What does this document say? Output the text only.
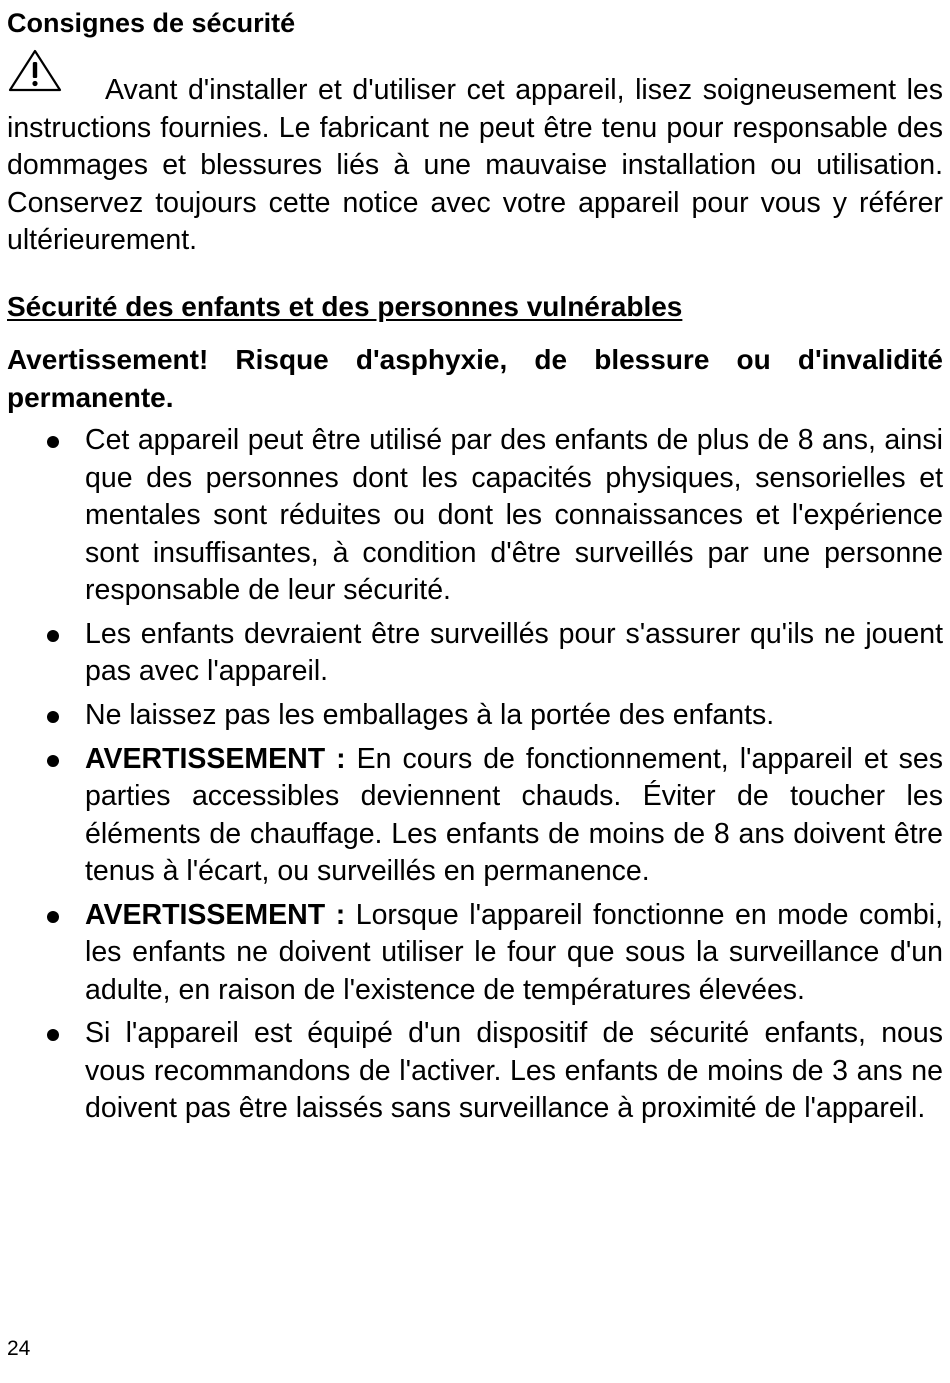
Consignes de sécurité

Avant d'installer et d'utiliser cet appareil, lisez soigneusement les instructions fournies. Le fabricant ne peut être tenu pour responsable des dommages et blessures liés à une mauvaise installation ou utilisation. Conservez toujours cette notice avec votre appareil pour vous y référer ultérieurement.

Sécurité des enfants et des personnes vulnérables

Avertissement! Risque d'asphyxie, de blessure ou d'invalidité permanente.

Cet appareil peut être utilisé par des enfants de plus de 8 ans, ainsi que des personnes dont les capacités physiques, sensorielles et mentales sont réduites ou dont les connaissances et l'expérience sont insuffisantes, à condition d'être surveillés par une personne responsable de leur sécurité.
Les enfants devraient être surveillés pour s'assurer qu'ils ne jouent pas avec l'appareil.
Ne laissez pas les emballages à la portée des enfants.
AVERTISSEMENT : En cours de fonctionnement, l'appareil et ses parties accessibles deviennent chauds. Éviter de toucher les éléments de chauffage. Les enfants de moins de 8 ans doivent être tenus à l'écart, ou surveillés en permanence.
AVERTISSEMENT : Lorsque l'appareil fonctionne en mode combi, les enfants ne doivent utiliser le four que sous la surveillance d'un adulte, en raison de l'existence de températures élevées.
Si l'appareil est équipé d'un dispositif de sécurité enfants, nous vous recommandons de l'activer. Les enfants de moins de 3 ans ne doivent pas être laissés sans surveillance à proximité de l'appareil.

24
